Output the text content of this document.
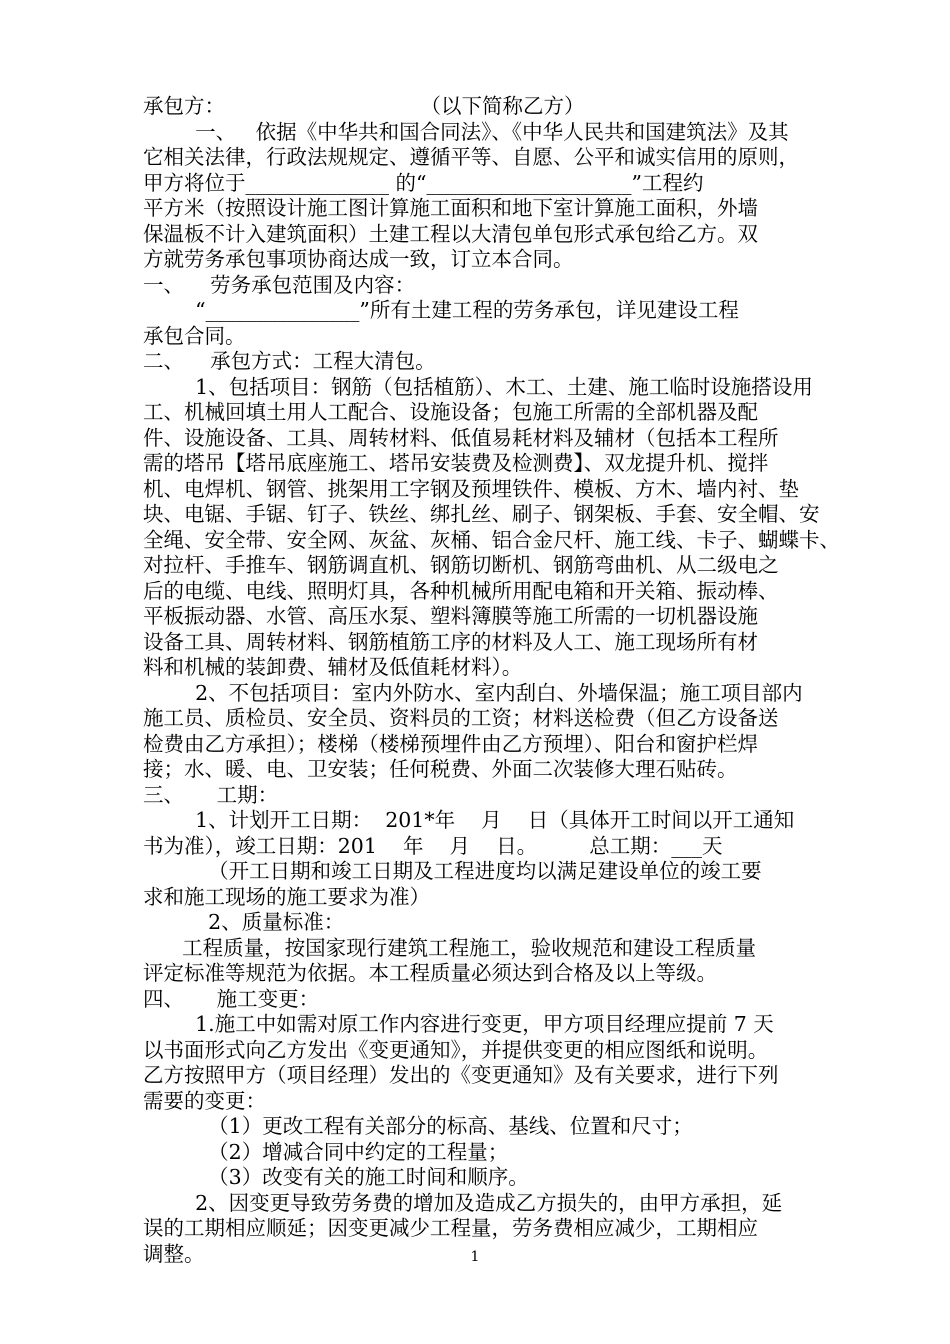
承包方：                              （以下简称乙方）
一、   依据《中华共和国合同法》、《中华人民共和国建筑法》及其
它相关法律，行政法规规定、遵循平等、自愿、公平和诚实信用的原则，
甲方将位于______________ 的“____________________”工程约
平方米（按照设计施工图计算施工面积和地下室计算施工面积，外墙
保温板不计入建筑面积）土建工程以大清包单包形式承包给乙方。双
方就劳务承包事项协商达成一致，订立本合同。
一、    劳务承包范围及内容：
“_______________”所有土建工程的劳务承包，详见建设工程
承包合同。
二、    承包方式：工程大清包。
1、包括项目：钢筋（包括植筋）、木工、土建、施工临时设施搭设用
工、机械回填土用人工配合、设施设备；包施工所需的全部机器及配
件、设施设备、工具、周转材料、低值易耗材料及辅材（包括本工程所
需的塔吊【塔吊底座施工、塔吊安装费及检测费】、双龙提升机、搅拌
机、电焊机、钢管、挑架用工字钢及预埋铁件、模板、方木、墙内衬、垫
块、电锯、手锯、钉子、铁丝、绑扎丝、刷子、钢架板、手套、安全帽、安
全绳、安全带、安全网、灰盆、灰桶、铝合金尺杆、施工线、卡子、蝴蝶卡、
对拉杆、手推车、钢筋调直机、钢筋切断机、钢筋弯曲机、从二级电之
后的电缆、电线、照明灯具，各种机械所用配电箱和开关箱、振动棒、
平板振动器、水管、高压水泵、塑料簿膜等施工所需的一切机器设施
设备工具、周转材料、钢筋植筋工序的材料及人工、施工现场所有材
料和机械的装卸费、辅材及低值耗材料）。
2、不包括项目：室内外防水、室内刮白、外墙保温；施工项目部内
施工员、质检员、安全员、资料员的工资；材料送检费（但乙方设备送
检费由乙方承担）；楼梯（楼梯预埋件由乙方预埋）、阳台和窗护栏焊
接；水、暖、电、卫安装；任何税费、外面二次装修大理石贴砖。
三、     工期：
1、计划开工日期：  201*年    月    日（具体开工时间以开工通知
书为准），竣工日期：201    年    月    日。        总工期：___天
（开工日期和竣工日期及工程进度均以满足建设单位的竣工要
求和施工现场的施工要求为准）
2、质量标准：
工程质量，按国家现行建筑工程施工，验收规范和建设工程质量
评定标准等规范为依据。本工程质量必须达到合格及以上等级。
四、     施工变更：
1.施工中如需对原工作内容进行变更，甲方项目经理应提前 7 天
以书面形式向乙方发出《变更通知》，并提供变更的相应图纸和说明。
乙方按照甲方（项目经理）发出的《变更通知》及有关要求，进行下列
需要的变更：
（1）更改工程有关部分的标高、基线、位置和尺寸；
（2）增减合同中约定的工程量；
（3）改变有关的施工时间和顺序。
2、因变更导致劳务费的增加及造成乙方损失的，由甲方承担，延
误的工期相应顺延；因变更减少工程量，劳务费相应减少，工期相应
调整。	1
